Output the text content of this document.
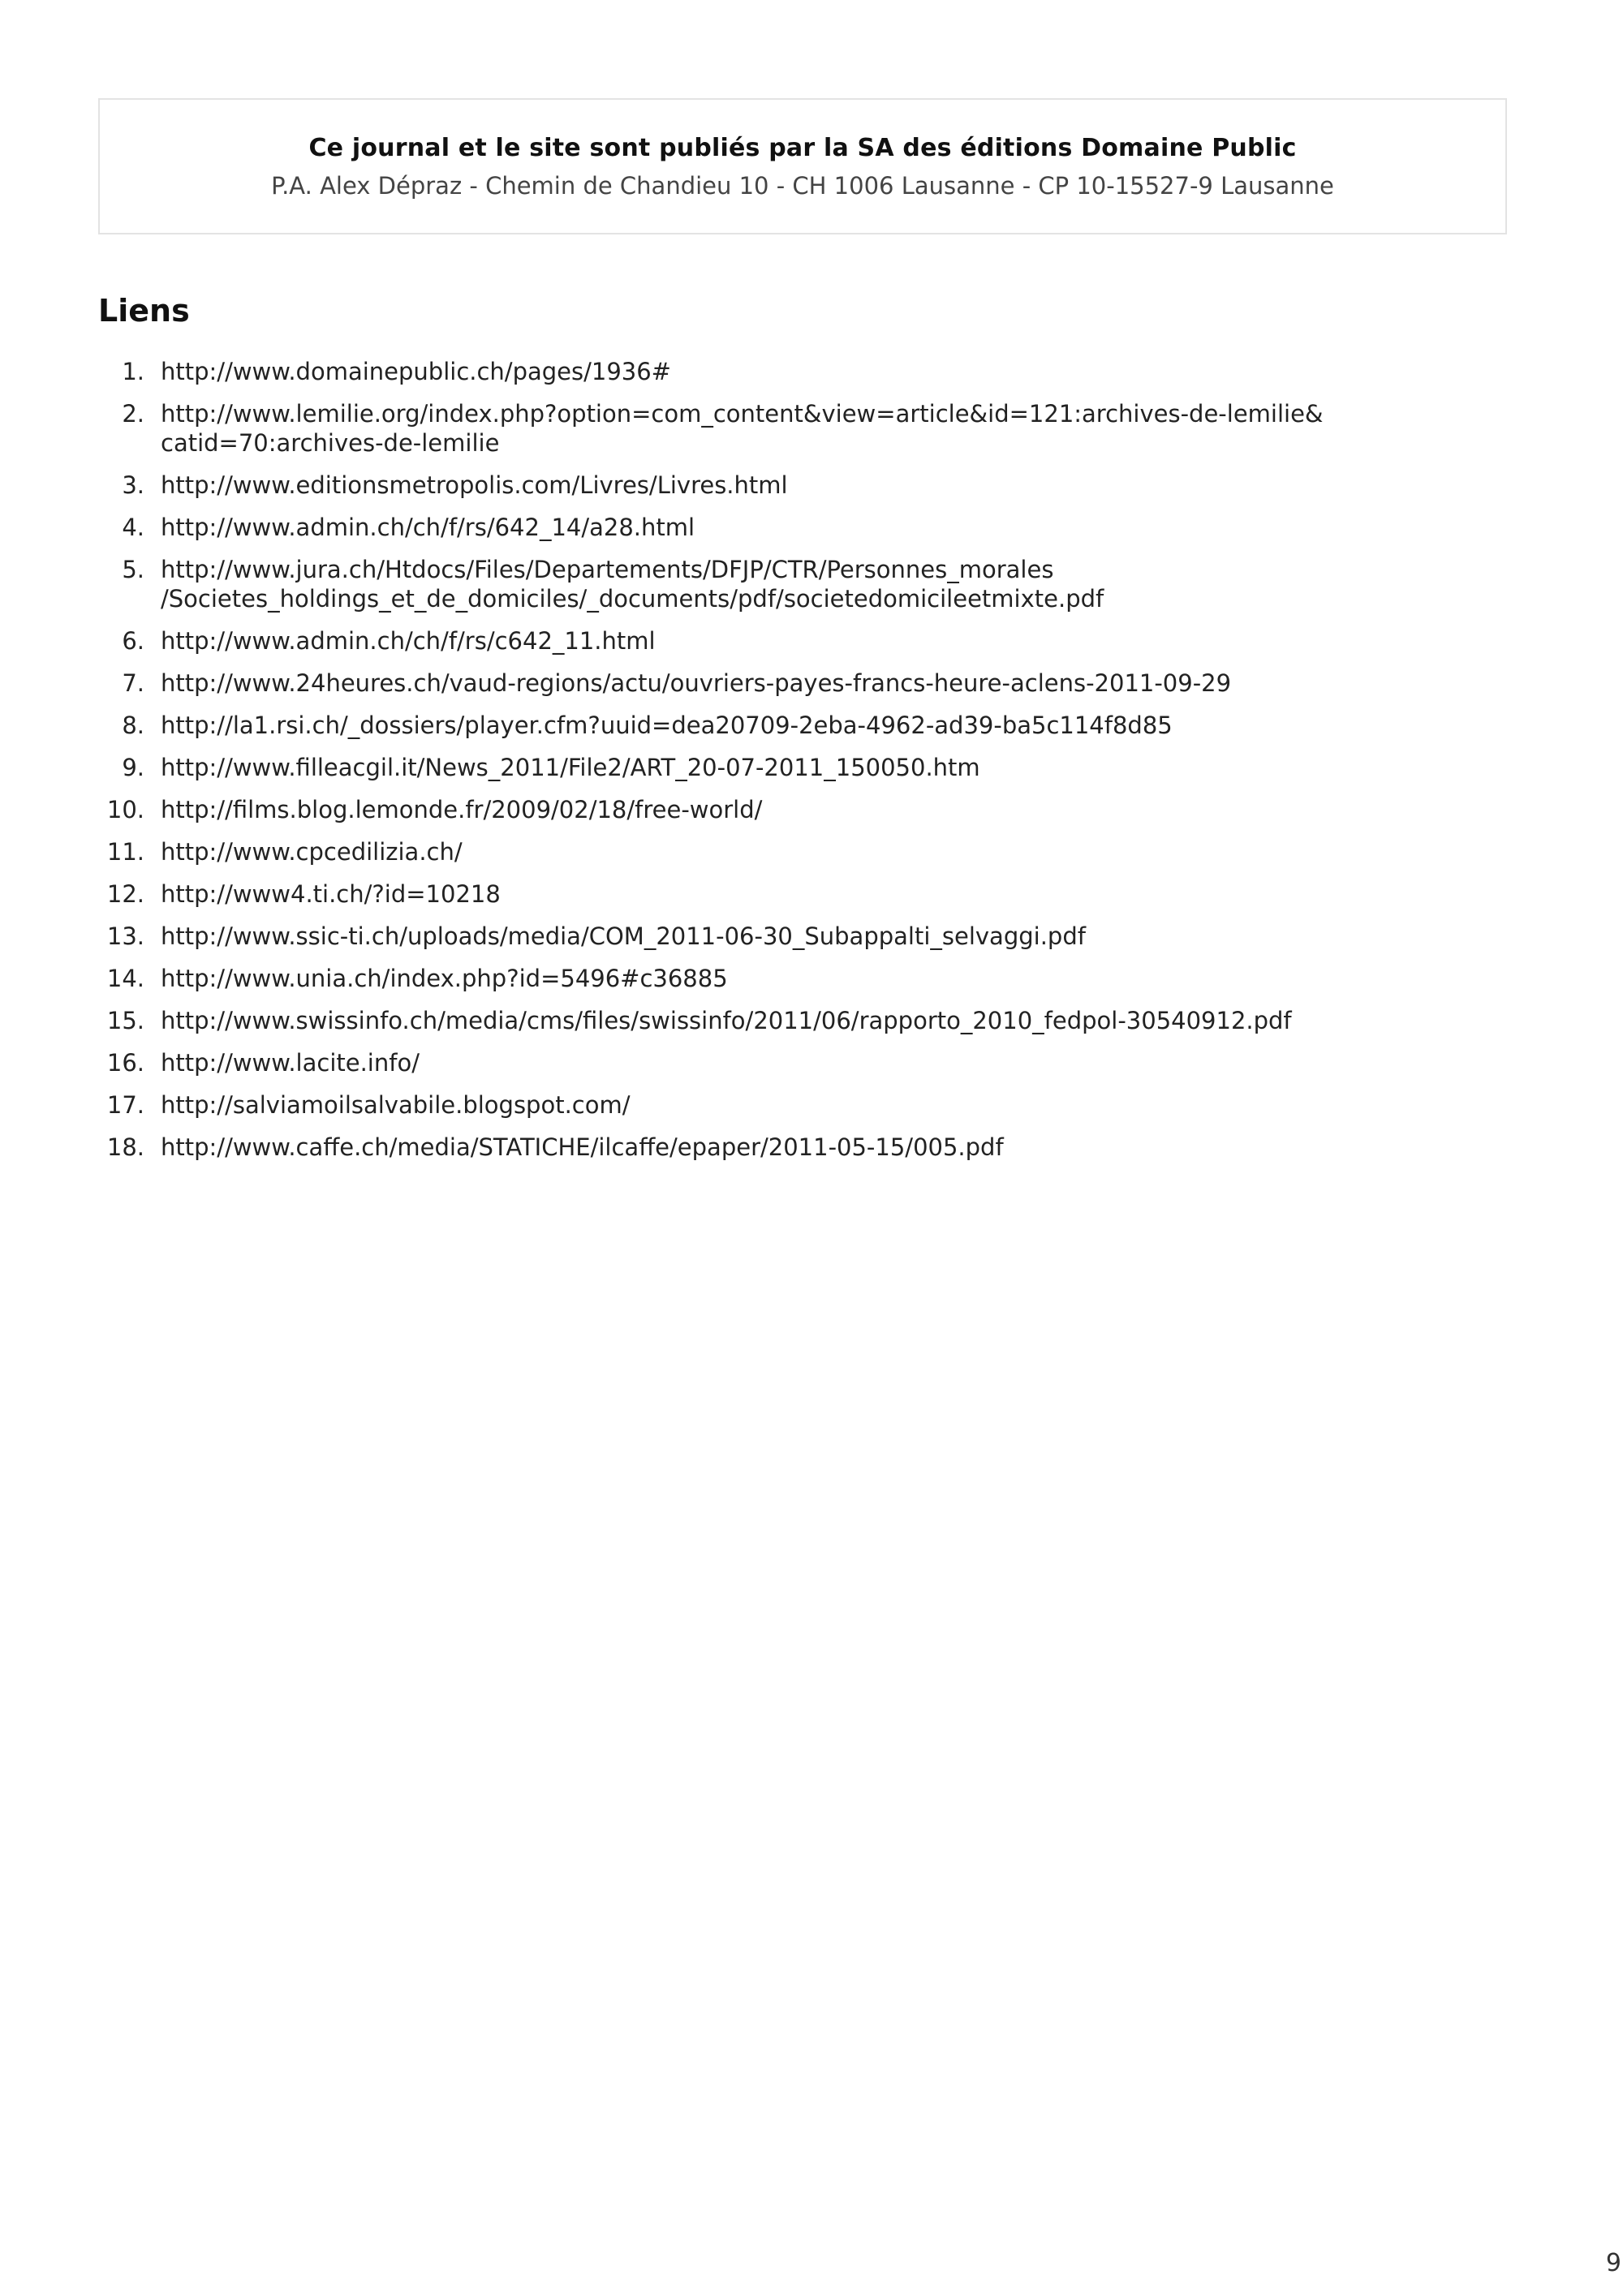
Ce journal et le site sont publiés par la SA des éditions Domaine Public
P.A. Alex Dépraz - Chemin de Chandieu 10 - CH 1006 Lausanne - CP 10-15527-9 Lausanne
Liens
1. http://www.domainepublic.ch/pages/1936#
2. http://www.lemilie.org/index.php?option=com_content&view=article&id=121:archives-de-lemilie&
catid=70:archives-de-lemilie
3. http://www.editionsmetropolis.com/Livres/Livres.html
4. http://www.admin.ch/ch/f/rs/642_14/a28.html
5. http://www.jura.ch/Htdocs/Files/Departements/DFJP/CTR/Personnes_morales
/Societes_holdings_et_de_domiciles/_documents/pdf/societedomicileetmixte.pdf
6. http://www.admin.ch/ch/f/rs/c642_11.html
7. http://www.24heures.ch/vaud-regions/actu/ouvriers-payes-francs-heure-aclens-2011-09-29
8. http://la1.rsi.ch/_dossiers/player.cfm?uuid=dea20709-2eba-4962-ad39-ba5c114f8d85
9. http://www.filleacgil.it/News_2011/File2/ART_20-07-2011_150050.htm
10. http://films.blog.lemonde.fr/2009/02/18/free-world/
11. http://www.cpcedilizia.ch/
12. http://www4.ti.ch/?id=10218
13. http://www.ssic-ti.ch/uploads/media/COM_2011-06-30_Subappalti_selvaggi.pdf
14. http://www.unia.ch/index.php?id=5496#c36885
15. http://www.swissinfo.ch/media/cms/files/swissinfo/2011/06/rapporto_2010_fedpol-30540912.pdf
16. http://www.lacite.info/
17. http://salviamoilsalvabile.blogspot.com/
18. http://www.caffe.ch/media/STATICHE/ilcaffe/epaper/2011-05-15/005.pdf
9
